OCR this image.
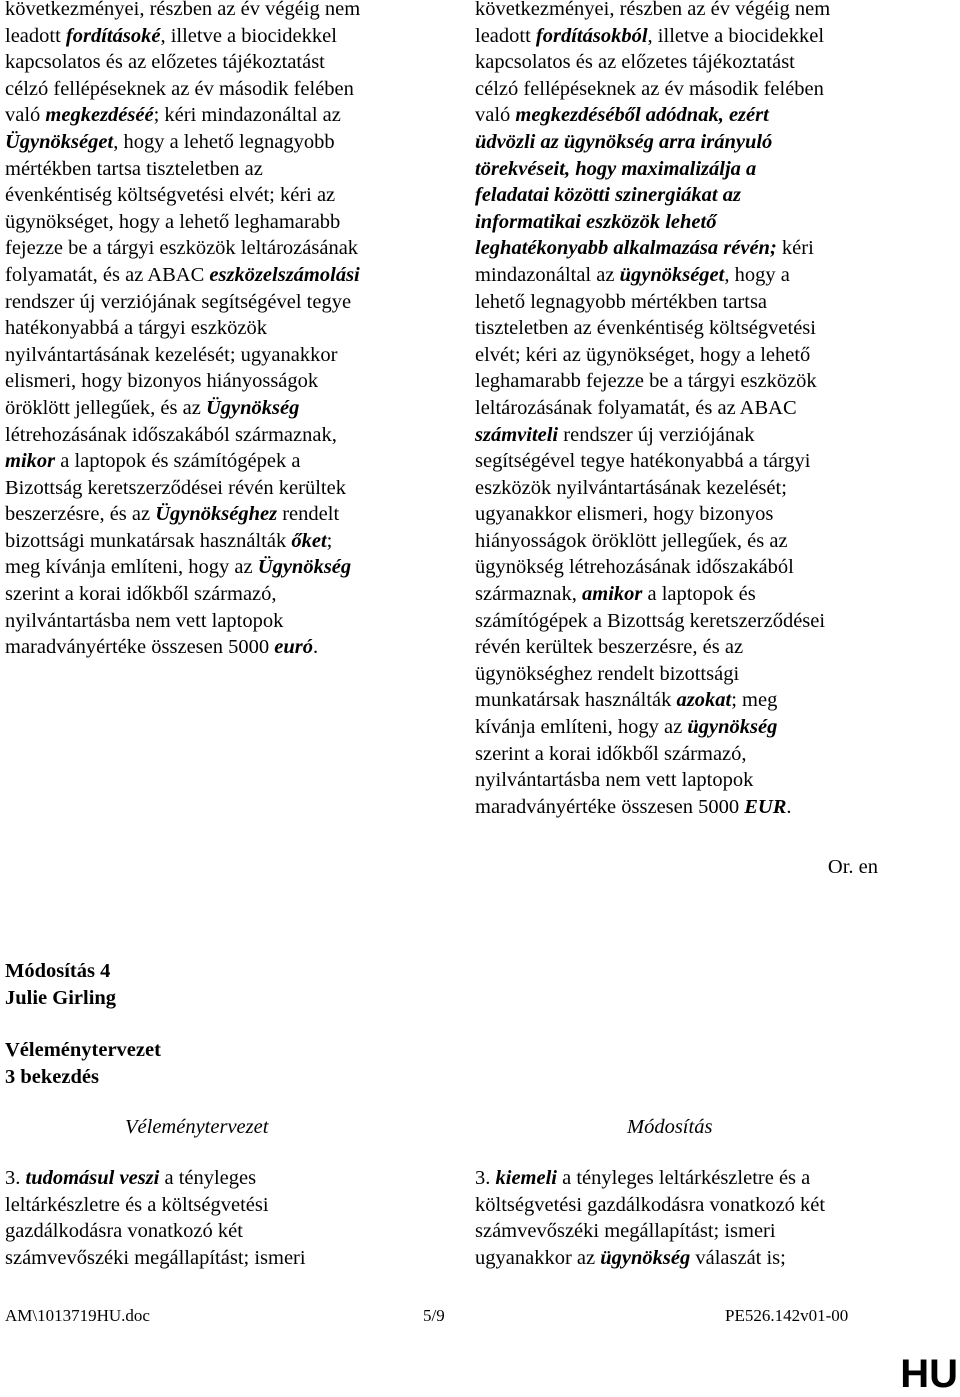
következményei, részben az év végéig nem
leadott fordításoké, illetve a biocidekkel
kapcsolatos és az előzetes tájékoztatást
célzó fellépéseknek az év második felében
való megkezdéséé; kéri mindazonáltal az
Ügynökséget, hogy a lehető legnagyobb
mértékben tartsa tiszteletben az
évenkéntiség költségvetési elvét; kéri az
ügynökséget, hogy a lehető leghamarabb
fejezze be a tárgyi eszközök leltározásának
folyamatát, és az ABAC eszközelszámolási
rendszer új verziójának segítségével tegye
hatékonyabbá a tárgyi eszközök
nyilvántartásának kezelését; ugyanakkor
elismeri, hogy bizonyos hiányosságok
öröklött jellegűek, és az Ügynökség
létrehozásának időszakából származnak,
mikor a laptopok és számítógépek a
Bizottság keretszerződései révén kerültek
beszerzésre, és az Ügynökséghez rendelt
bizottsági munkatársak használták őket;
meg kívánja említeni, hogy az Ügynökség
szerint a korai időkből származó,
nyilvántartásba nem vett laptopok
maradványértéke összesen 5000 euró.
következményei, részben az év végéig nem
leadott fordításokból, illetve a biocidekkel
kapcsolatos és az előzetes tájékoztatást
célzó fellépéseknek az év második felében
való megkezdéséből adódnak, ezért
üdvözli az ügynökség arra irányuló
törekvéseit, hogy maximalizálja a
feladatai közötti szinergiákat az
informatikai eszközök lehető
leghatékonyabb alkalmazása révén; kéri
mindazonáltal az ügynökséget, hogy a
lehető legnagyobb mértékben tartsa
tiszteletben az évenkéntiség költségvetési
elvét; kéri az ügynökséget, hogy a lehető
leghamarabb fejezze be a tárgyi eszközök
leltározásának folyamatát, és az ABAC
számviteli rendszer új verziójának
segítségével tegye hatékonyabbá a tárgyi
eszközök nyilvántartásának kezelését;
ugyanakkor elismeri, hogy bizonyos
hiányosságok öröklött jellegűek, és az
ügynökség létrehozásának időszakából
származnak, amikor a laptopok és
számítógépek a Bizottság keretszerződései
révén kerültek beszerzésre, és az
ügynökséghez rendelt bizottsági
munkatársak használták azokat; meg
kívánja említeni, hogy az ügynökség
szerint a korai időkből származó,
nyilvántartásba nem vett laptopok
maradványértéke összesen 5000 EUR.
Or. en
Módosítás 4
Julie Girling
Véleménytervezet
3 bekezdés
Véleménytervezet	Módosítás
3. tudomásul veszi a tényleges
leltárkészletre és a költségvetési
gazdálkodásra vonatkozó két
számvevőszéki megállapítást; ismeri
3. kiemeli a tényleges leltárkészletre és a
költségvetési gazdálkodásra vonatkozó két
számvevőszéki megállapítást; ismeri
ugyanakkor az ügynökség válaszát is;
AM\1013719HU.doc	5/9	PE526.142v01-00
HU
